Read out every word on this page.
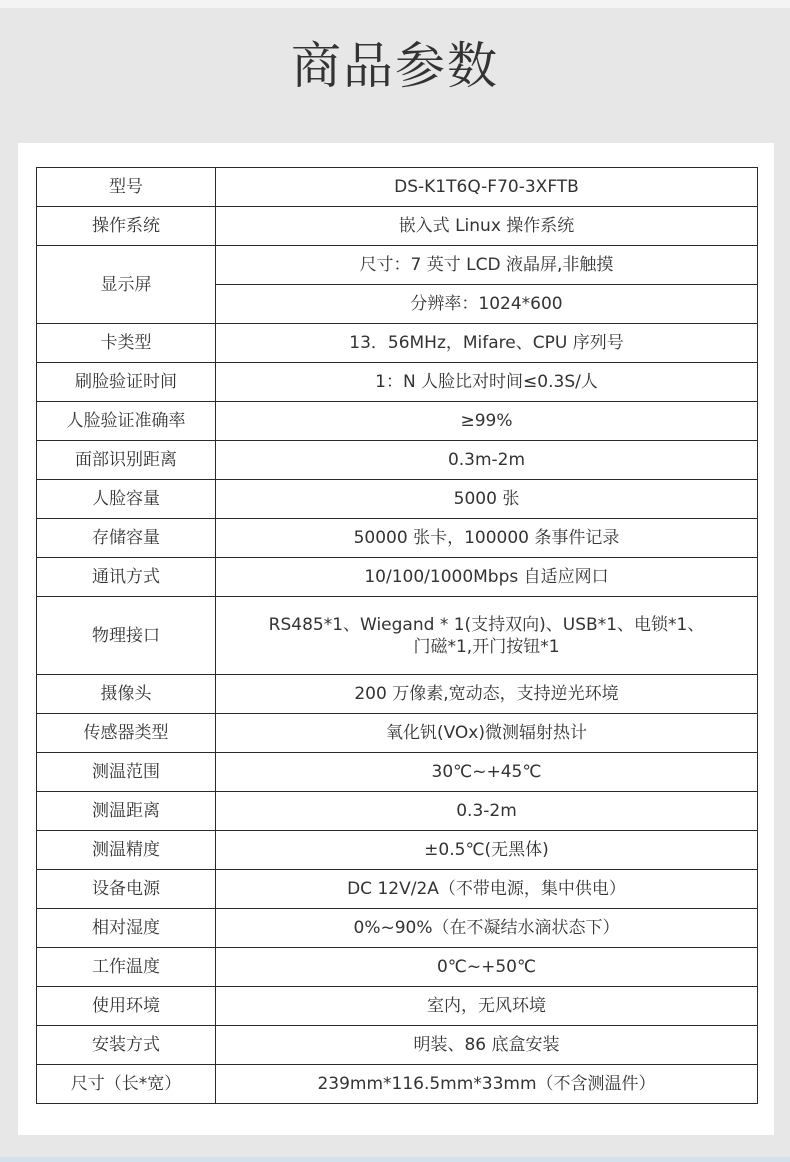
商品参数
型号	DS-K1T6Q-F70-3XFTB
操作系统	嵌入式 Linux 操作系统
显示屏	尺寸：7 英寸 LCD 液晶屏,非触摸
	分辨率：1024*600
卡类型	13．56MHz，Mifare、CPU 序列号
刷脸验证时间	1：N 人脸比对时间≤0.3S/人
人脸验证准确率	≥99%
面部识别距离	0.3m-2m
人脸容量	5000 张
存储容量	50000 张卡，100000 条事件记录
通讯方式	10/100/1000Mbps 自适应网口
物理接口	RS485*1、Wiegand * 1(支持双向)、USB*1、电锁*1、
门磁*1,开门按钮*1

摄像头	200 万像素,宽动态，支持逆光环境
传感器类型	氧化钒(VOx)微测辐射热计
测温范围	30℃~+45℃
测温距离	0.3-2m
测温精度	±0.5℃(无黑体)
设备电源	DC 12V/2A（不带电源，集中供电）
相对湿度	0%~90%（在不凝结水滴状态下）
工作温度	0℃~+50℃
使用环境	室内，无风环境
安装方式	明装、86 底盒安装
尺寸（长*宽）	239mm*116.5mm*33mm（不含测温件）
